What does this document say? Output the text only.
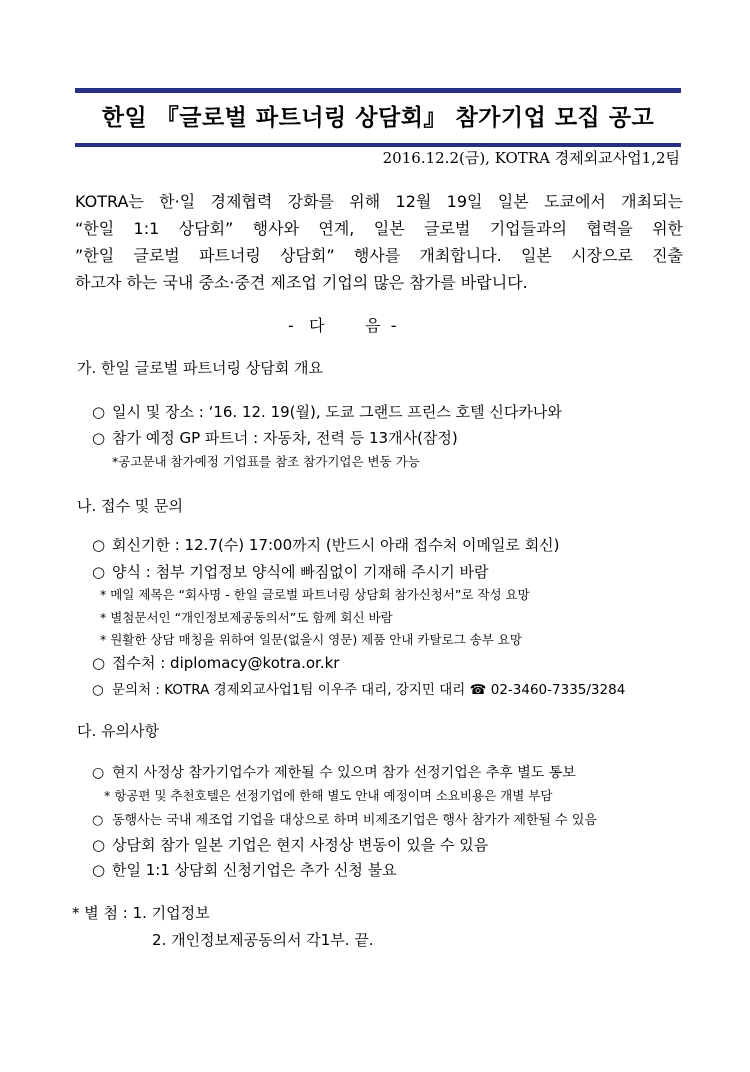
한일 『글로벌 파트너링 상담회』 참가기업 모집 공고
2016.12.2(금), KOTRA 경제외교사업1,2팀

KOTRA는 한·일 경제협력 강화를 위해 12월 19일 일본 도쿄에서 개최되는

“한일 1:1 상담회” 행사와 연계, 일본 글로벌 기업들과의 협력을 위한

”한일 글로벌 파트너링 상담회” 행사를 개최합니다. 일본 시장으로 진출

하고자 하는 국내 중소·중견 제조업 기업의 많은 참가를 바랍니다.

-   다        음  -
가. 한일 글로벌 파트너링 상담회 개요
○ 일시 및 장소 : ‘16. 12. 19(월), 도쿄 그랜드 프린스 호텔 신다카나와
○ 참가 예정 GP 파트너 : 자동차, 전력 등 13개사(잠정)
*공고문내 참가예정 기업표를 참조 참가기업은 변동 가능
나. 접수 및 문의
○ 회신기한 : 12.7(수) 17:00까지 (반드시 아래 접수처 이메일로 회신)
○ 양식 : 첨부 기업정보 양식에 빠짐없이 기재해 주시기 바람
* 메일 제목은 “회사명 - 한일 글로벌 파트너링 상담회 참가신청서”로 작성 요망
* 별첨문서인 “개인정보제공동의서”도 함께 회신 바람
* 원활한 상담 매칭을 위하여 일문(없을시 영문) 제품 안내 카탈로그 송부 요망
○ 접수처 : diplomacy@kotra.or.kr
○ 문의처 : KOTRA 경제외교사업1팀 이우주 대리, 강지민 대리 ☎ 02-3460-7335/3284
다. 유의사항
○ 현지 사정상 참가기업수가 제한될 수 있으며 참가 선정기업은 추후 별도 통보
* 항공편 및 추천호텔은 선정기업에 한해 별도 안내 예정이며 소요비용은 개별 부담
○ 동행사는 국내 제조업 기업을 대상으로 하며 비제조기업은 행사 참가가 제한될 수 있음
○ 상담회 참가 일본 기업은 현지 사정상 변동이 있을 수 있음
○ 한일 1:1 상담회 신청기업은 추가 신청 불요
* 별 첨 : 1. 기업정보
2. 개인정보제공동의서 각1부. 끝.
